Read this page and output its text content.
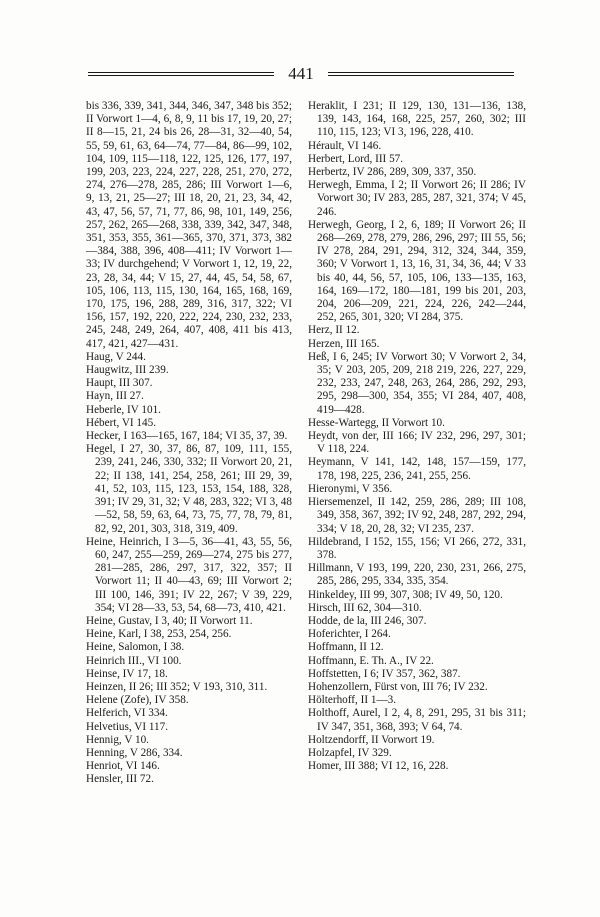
441

bis 336, 339, 341, 344, 346, 347, 348 bis 352; II Vorwort 1—4, 6, 8, 9, 11 bis 17, 19, 20, 27; II 8—15, 21, 24 bis 26, 28—31, 32—40, 54, 55, 59, 61, 63, 64—74, 77—84, 86—99, 102, 104, 109, 115—118, 122, 125, 126, 177, 197, 199, 203, 223, 224, 227, 228, 251, 270, 272, 274, 276—278, 285, 286; III Vorwort 1—6, 9, 13, 21, 25—27; III 18, 20, 21, 23, 34, 42, 43, 47, 56, 57, 71, 77, 86, 98, 101, 149, 256, 257, 262, 265—268, 338, 339, 342, 347, 348, 351, 353, 355, 361—365, 370, 371, 373, 382—384, 388, 396, 408—411; IV Vorwort 1—33; IV durchgehend; V Vorwort 1, 12, 19, 22, 23, 28, 34, 44; V 15, 27, 44, 45, 54, 58, 67, 105, 106, 113, 115, 130, 164, 165, 168, 169, 170, 175, 196, 288, 289, 316, 317, 322; VI 156, 157, 192, 220, 222, 224, 230, 232, 233, 245, 248, 249, 264, 407, 408, 411 bis 413, 417, 421, 427—431.

Haug, V 244.

Haugwitz, III 239.

Haupt, III 307.

Hayn, III 27.

Heberle, IV 101.

Hébert, VI 145.

Hecker, I 163—165, 167, 184; VI 35, 37, 39.

Hegel, I 27, 30, 37, 86, 87, 109, 111, 155, 239, 241, 246, 330, 332; II Vorwort 20, 21, 22; II 138, 141, 254, 258, 261; III 29, 39, 41, 52, 103, 115, 123, 153, 154, 188, 328, 391; IV 29, 31, 32; V 48, 283, 322; VI 3, 48—52, 58, 59, 63, 64, 73, 75, 77, 78, 79, 81, 82, 92, 201, 303, 318, 319, 409.

Heine, Heinrich, I 3—5, 36—41, 43, 55, 56, 60, 247, 255—259, 269—274, 275 bis 277, 281—285, 286, 297, 317, 322, 357; II Vorwort 11; II 40—43, 69; III Vorwort 2; III 100, 146, 391; IV 22, 267; V 39, 229, 354; VI 28—33, 53, 54, 68—73, 410, 421.

Heine, Gustav, I 3, 40; II Vorwort 11.

Heine, Karl, I 38, 253, 254, 256.

Heine, Salomon, I 38.

Heinrich III., VI 100.

Heinse, IV 17, 18.

Heinzen, II 26; III 352; V 193, 310, 311.

Helene (Zofe), IV 358.

Helferich, VI 334.

Helvetius, VI 117.

Hennig, V 10.

Henning, V 286, 334.

Henriot, VI 146.

Hensler, III 72.

Heraklit, I 231; II 129, 130, 131—136, 138, 139, 143, 164, 168, 225, 257, 260, 302; III 110, 115, 123; VI 3, 196, 228, 410.

Hérault, VI 146.

Herbert, Lord, III 57.

Herbertz, IV 286, 289, 309, 337, 350.

Herwegh, Emma, I 2; II Vorwort 26; II 286; IV Vorwort 30; IV 283, 285, 287, 321, 374; V 45, 246.

Herwegh, Georg, I 2, 6, 189; II Vorwort 26; II 268—269, 278, 279, 286, 296, 297; III 55, 56; IV 278, 284, 291, 294, 312, 324, 344, 359, 360; V Vorwort 1, 13, 16, 31, 34, 36, 44; V 33 bis 40, 44, 56, 57, 105, 106, 133—135, 163, 164, 169—172, 180—181, 199 bis 201, 203, 204, 206—209, 221, 224, 226, 242—244, 252, 265, 301, 320; VI 284, 375.

Herz, II 12.

Herzen, III 165.

Heß, I 6, 245; IV Vorwort 30; V Vorwort 2, 34, 35; V 203, 205, 209, 218 219, 226, 227, 229, 232, 233, 247, 248, 263, 264, 286, 292, 293, 295, 298—300, 354, 355; VI 284, 407, 408, 419—428.

Hesse-Wartegg, II Vorwort 10.

Heydt, von der, III 166; IV 232, 296, 297, 301; V 118, 224.

Heymann, V 141, 142, 148, 157—159, 177, 178, 198, 225, 236, 241, 255, 256.

Hieronymi, V 356.

Hiersemenzel, II 142, 259, 286, 289; III 108, 349, 358, 367, 392; IV 92, 248, 287, 292, 294, 334; V 18, 20, 28, 32; VI 235, 237.

Hildebrand, I 152, 155, 156; VI 266, 272, 331, 378.

Hillmann, V 193, 199, 220, 230, 231, 266, 275, 285, 286, 295, 334, 335, 354.

Hinkeldey, III 99, 307, 308; IV 49, 50, 120.

Hirsch, III 62, 304—310.

Hodde, de la, III 246, 307.

Hoferichter, I 264.

Hoffmann, II 12.

Hoffmann, E. Th. A., IV 22.

Hoffstetten, I 6; IV 357, 362, 387.

Hohenzollern, Fürst von, III 76; IV 232.

Hölterhoff, II 1—3.

Holthoff, Aurel, I 2, 4, 8, 291, 295, 31 bis 311; IV 347, 351, 368, 393; V 64, 74.

Holtzendorff, II Vorwort 19.

Holzapfel, IV 329.

Homer, III 388; VI 12, 16, 228.
